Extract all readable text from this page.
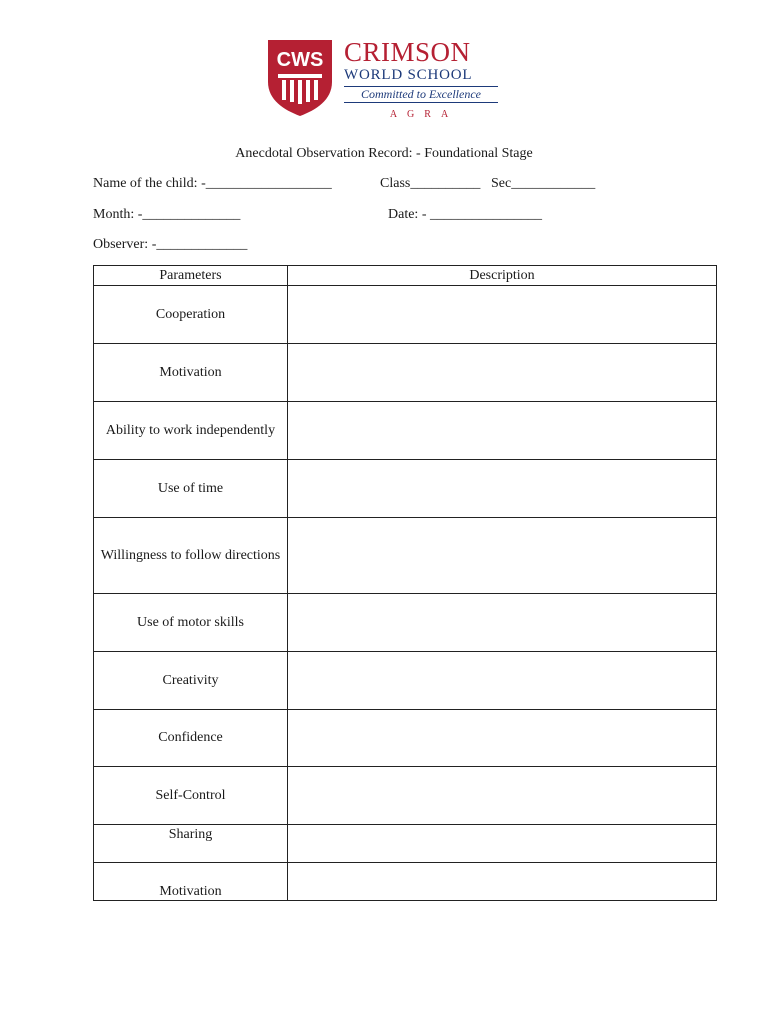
CWS CRIMSON
WORLD SCHOOL
Committed to Excellence
AGRA
Anecdotal Observation Record: - Foundational Stage
Name of the child: -__________________	Class__________ Sec____________
Month: -______________	Date: - ________________
Observer: -_____________
Parameters	Description
Cooperation	
Motivation	
Ability to work independently	
Use of time	
Willingness to follow directions	
Use of motor skills	
Creativity	
Confidence	
Self-Control	
Sharing	
Motivation	
